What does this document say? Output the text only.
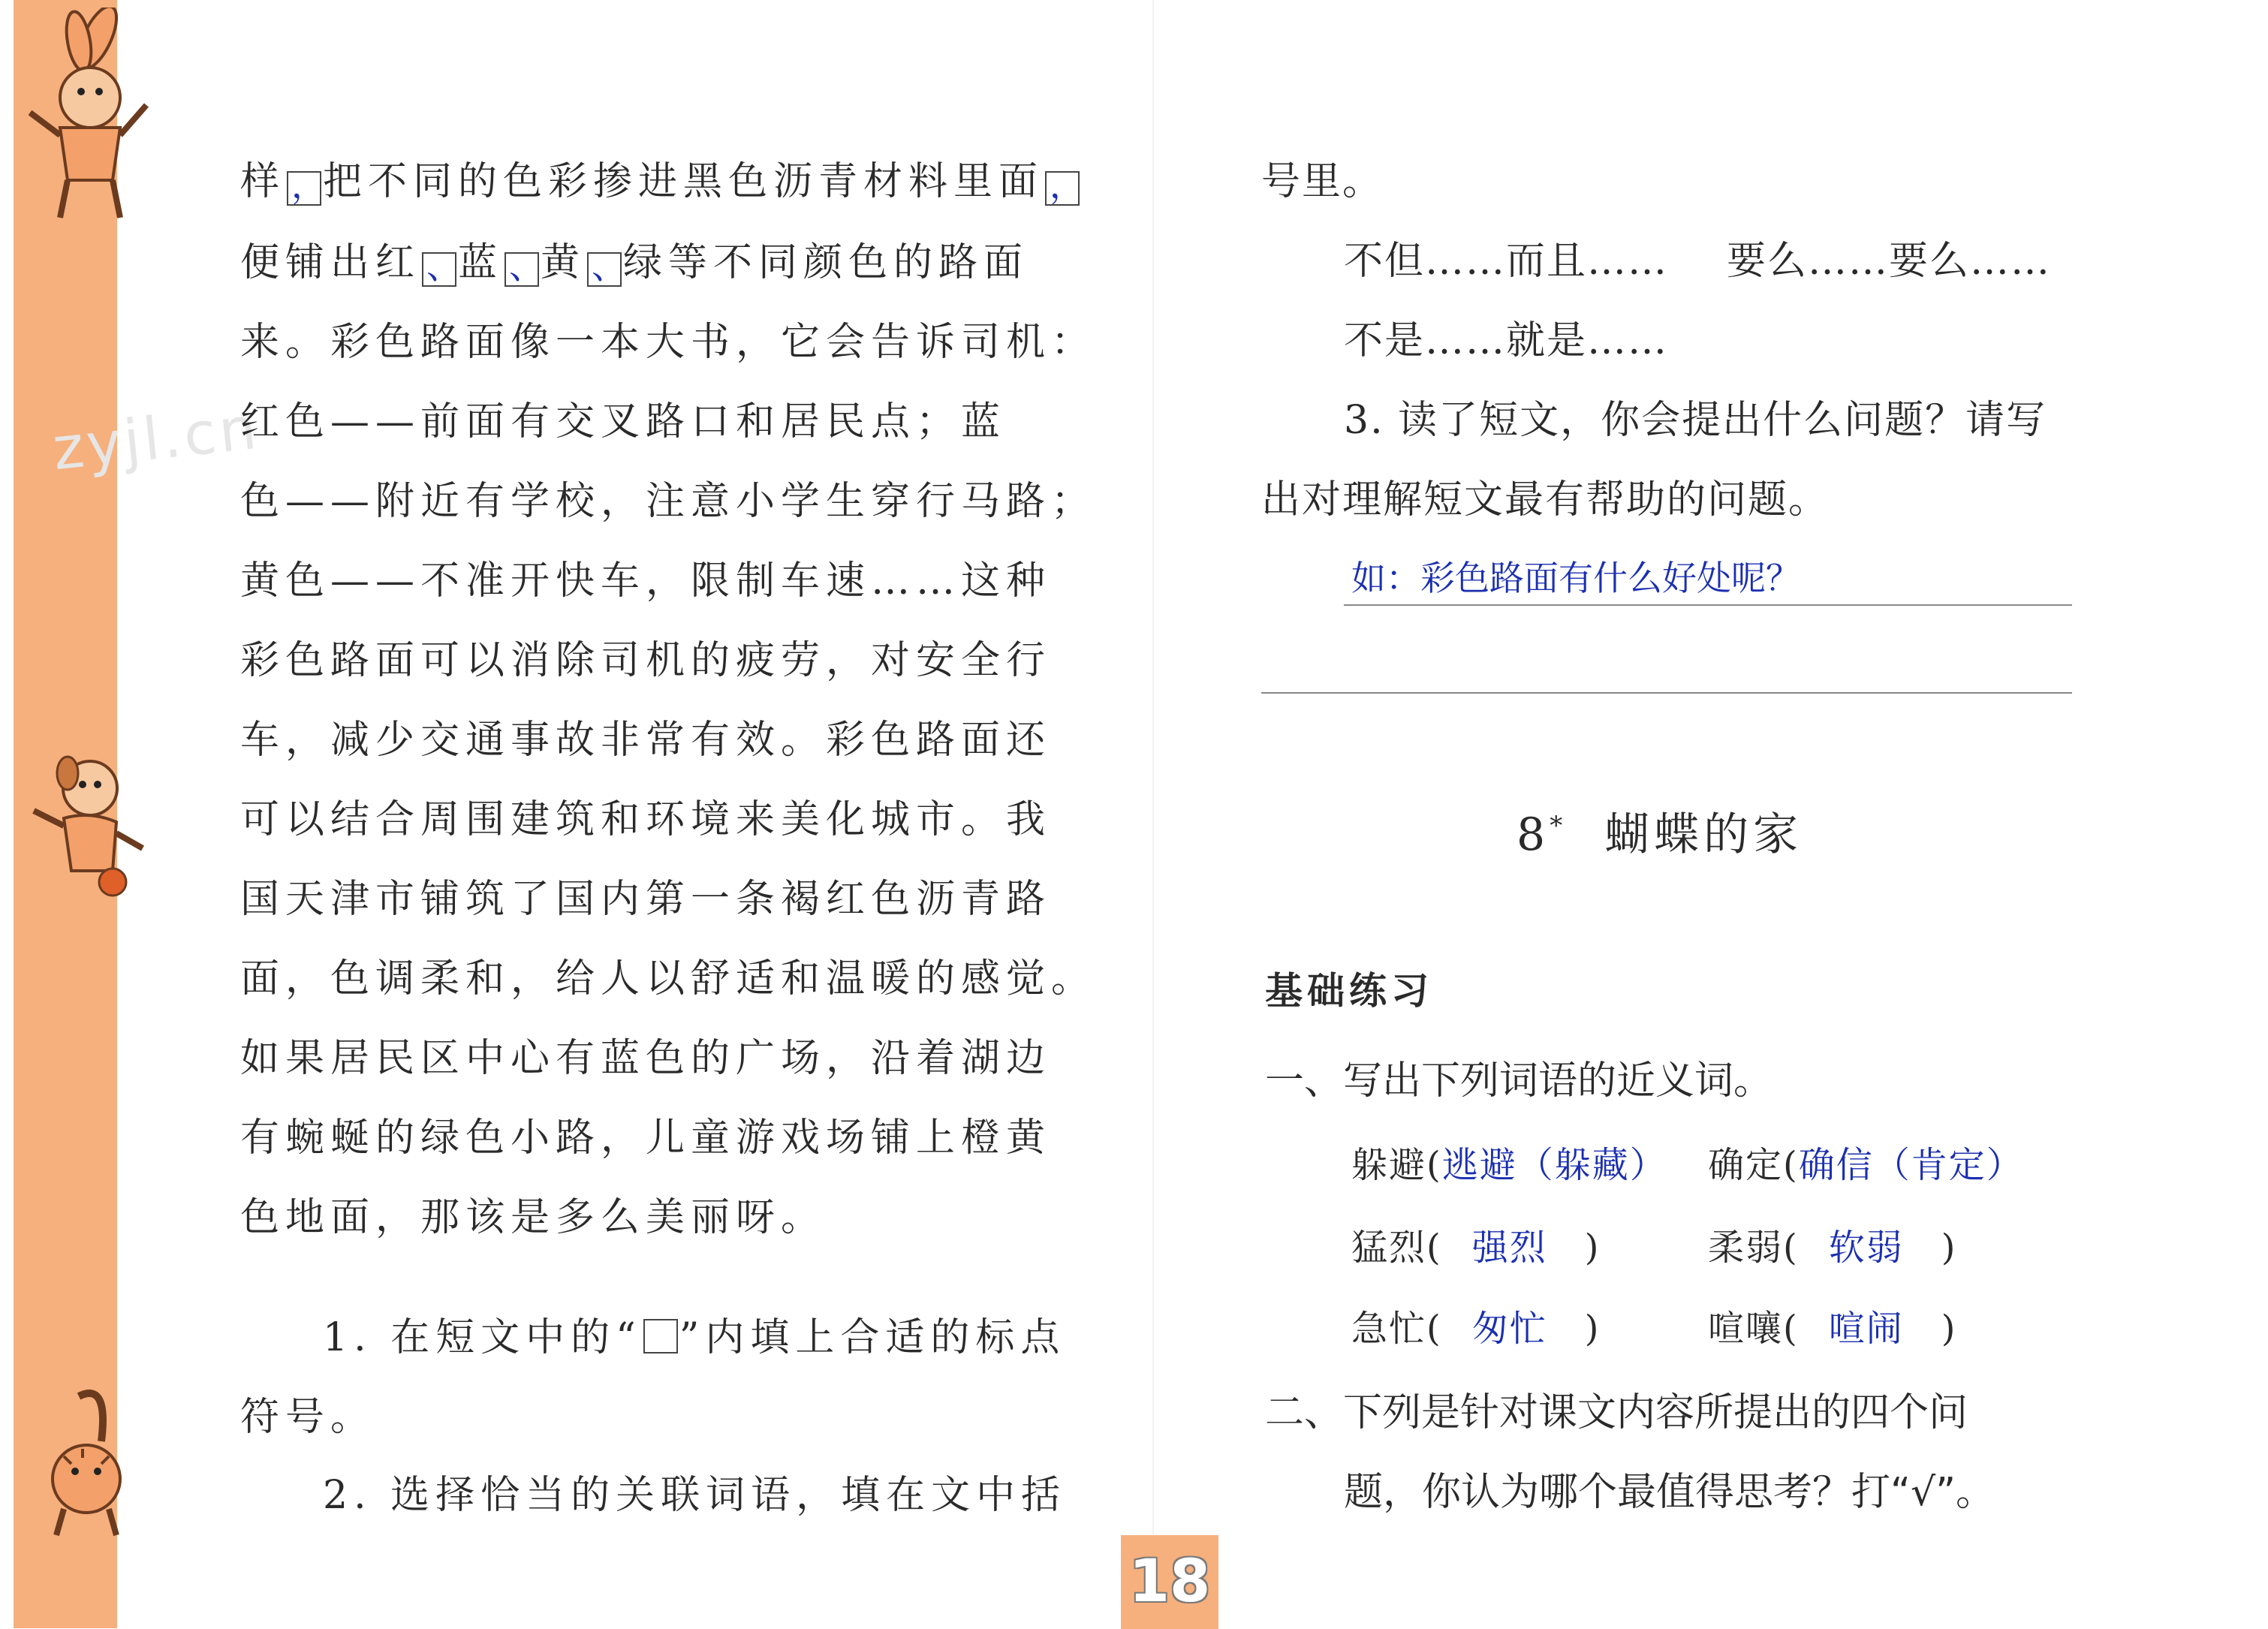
zyjl.cn
样 ，把不同的色彩掺进黑色沥青材料里面 ，
便铺出红 、蓝 、黄 、绿等不同颜色的路面
来。彩色路面像一本大书，它会告诉司机：
红色——前面有交叉路口和居民点；蓝
色——附近有学校，注意小学生穿行马路；
黄色——不准开快车，限制车速……这种
彩色路面可以消除司机的疲劳，对安全行
车，减少交通事故非常有效。彩色路面还
可以结合周围建筑和环境来美化城市。我
国天津市铺筑了国内第一条褐红色沥青路
面，色调柔和，给人以舒适和温暖的感觉。
如果居民区中心有蓝色的广场，沿着湖边
有蜿蜒的绿色小路，儿童游戏场铺上橙黄
色地面，那该是多么美丽呀。
1. 在短文中的“ ”内填上合适的标点
符号。
2. 选择恰当的关联词语，填在文中括
号里。
不但……而且…… 要么……要么……
不是……就是……
3. 读了短文，你会提出什么问题？请写
出对理解短文最有帮助的问题。
如：彩色路面有什么好处呢？
8* 蝴蝶的家
基础练习
一、写出下列词语的近义词。
躲避(逃避（躲藏） 确定(确信（肯定）
猛烈( 强烈 )	柔弱( 软弱 )
急忙( 匆忙 )	喧嚷( 喧闹 )
二、下列是针对课文内容所提出的四个问
题，你认为哪个最值得思考？打“√”。
18
